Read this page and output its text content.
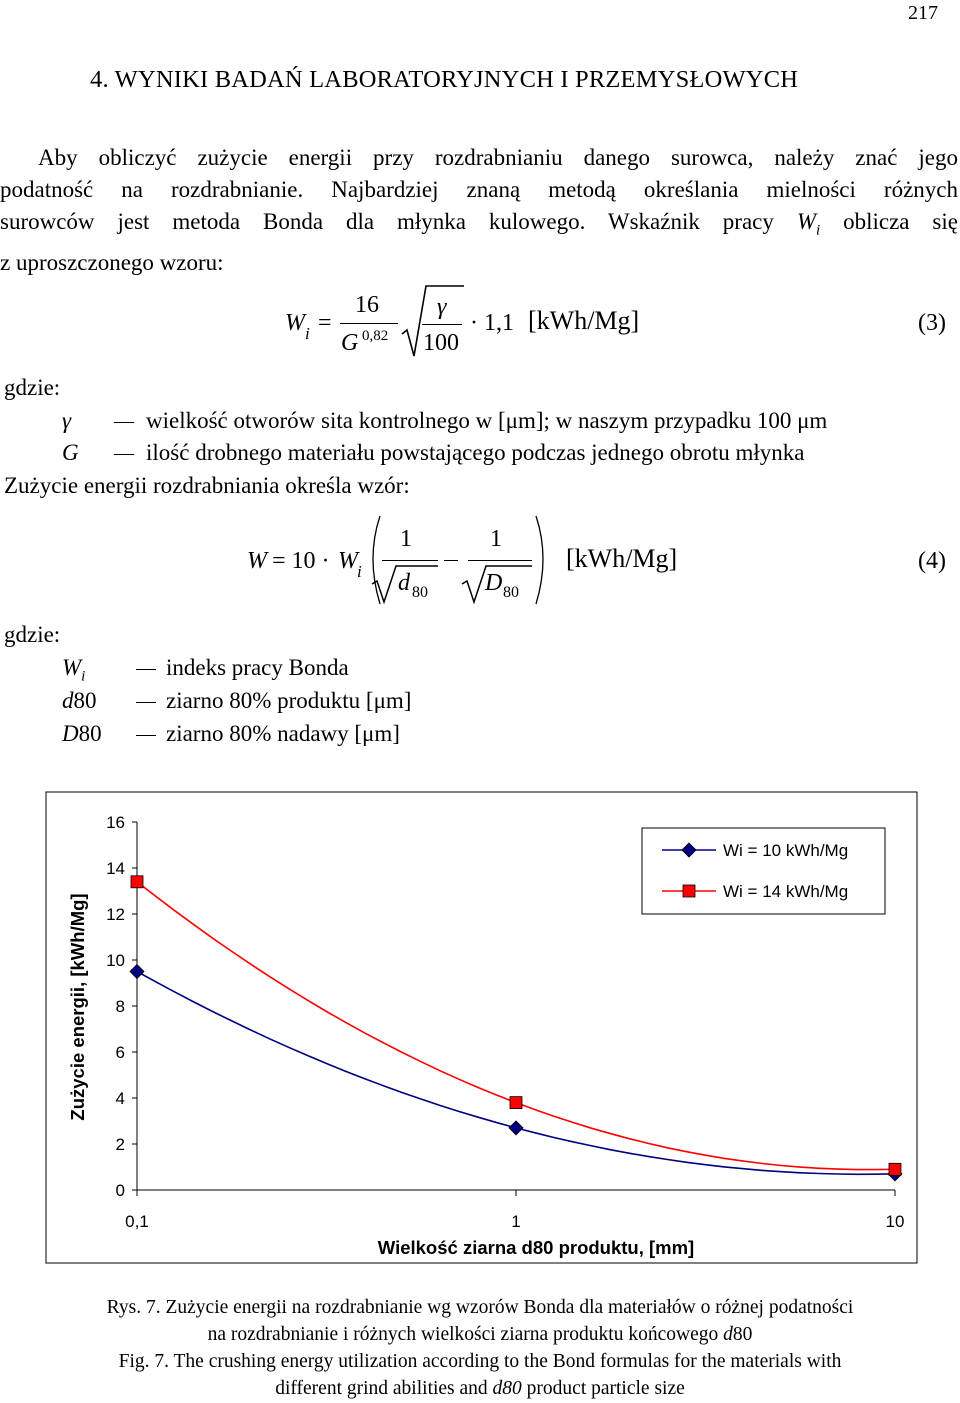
217
4. WYNIKI BADAŃ LABORATORYJNYCH I PRZEMYSŁOWYCH

Aby obliczyć zużycie energii przy rozdrabnianiu danego surowca, należy znać jego

podatność na rozdrabnianie. Najbardziej znaną metodą określania mielności różnych

surowców jest metoda Bonda dla młynka kulowego. Wskaźnik pracy $W_i$ oblicza się

z uproszczonego wzoru:

W i =
16
G 0,82
γ
100
· 1,1 [kWh/Mg]	(3)
gdzie:
γ	wielkość otworów sita kontrolnego w [μm]; w naszym przypadku 100 μm
G	ilość drobnego materiału powstającego podczas jednego obrotu młynka
Zużycie energii rozdrabniania określa wzór:
W = 10 · W i
1
d 80
1
D 80
[kWh/Mg]	(4)
gdzie:
$W_i$	indeks pracy Bonda
d80	ziarno 80% produktu [μm]
D80	ziarno 80% nadawy [μm]
0
2
4
6
8
10
12
14
16
0,1	1	10
Wielkość ziarna d80 produktu, [mm]
Zużycie energii, [kWh/Mg]
Wi = 10 kWh/Mg
Wi = 14 kWh/Mg
Rys. 7. Zużycie energii na rozdrabnianie wg wzorów Bonda dla materiałów o różnej podatności
na rozdrabnianie i różnych wielkości ziarna produktu końcowego d80
Fig. 7. The crushing energy utilization according to the Bond formulas for the materials with
different grind abilities and d80 product particle size
